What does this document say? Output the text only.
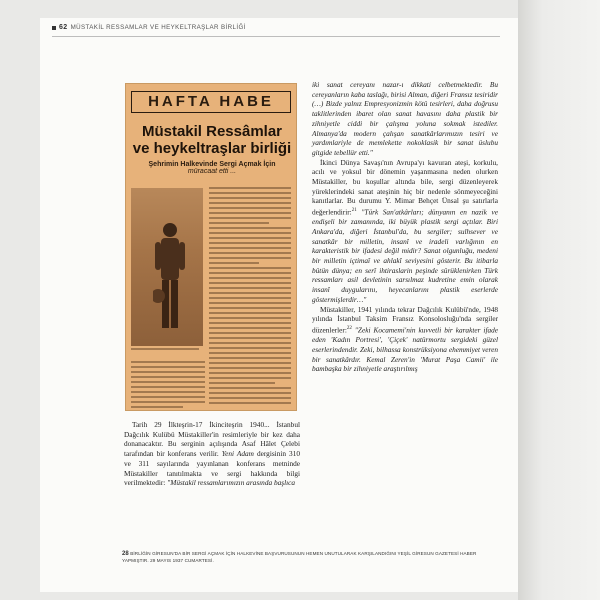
62 MÜSTAKİL RESSAMLAR VE HEYKELTRAŞLAR BİRLİĞİ
HAFTA HABE
Müstakil Ressâmlar
ve heykeltraşlar birliği
Şehrimin Halkevinde Sergi Açmak İçin
müracaat etti ...

Tarih 29 İlkteşrin-17 İkinciteşrin 1940... İstanbul Dağcılık Kulübü Müstakiller'in resimleriyle bir kez daha donanacaktır. Bu serginin açılışında Asaf Hâlet Çelebi tarafından bir konferans verilir. Yeni Adam dergisinin 310 ve 311 sayılarında yayınlanan konferans metninde Müstakiller tanıtılmakta ve sergi hakkında bilgi verilmektedir: "Müstakil ressamlarımızın arasında başlıca

iki sanat cereyanı nazar-ı dikkati celbetmektedir. Bu cereyanların kaba taslağı, birisi Alman, diğeri Fransız tesiridir (…) Bizde yalnız Empresyonizmin kötü tesirleri, daha doğrusu taklitlerinden ibaret olan sanat havasını daha plastik bir zihniyetle ciddi bir çalışma yoluna sokmak istediler. Almanya'da modern çalışan sanatkârlarımızın tesiri ve yardımlariyle de memlekette nokoklasik bir sanat üslubu gitgide tebellür etti."

İkinci Dünya Savaşı'nın Avrupa'yı kavuran ateşi, korkulu, acılı ve yoksul bir dönemin yaşanmasına neden olurken Müstakiller, bu koşullar altında bile, sergi düzenleyerek yüreklerindeki sanat ateşinin hiç bir nedenle sönmeyeceğini kanıtlarlar. Bu durumu Y. Mimar Behçet Ünsal şu satırlarla değerlendirir:$^{21}$ "Türk San'atkârları; dünyanın en nazik ve endişeli bir zamanında, iki büyük plastik sergi açtılar. Biri Ankara'da, diğeri İstanbul'da, bu sergiler; sulhsever ve sanatkâr bir milletin, insanî ve iradeli varlığının en karakteristik bir ifadesi değil midir? Sanat olgunluğu, medeni bir milletin içtimaî ve ahlakî seviyesini gösterir. Bu itibarla bütün dünya; en serî ihtiraslarin peşinde sürüklenirken Türk ressamları asil devletinin sarsılmaz kudretine emin olarak insanî duygularını, heyecanlarını plastik eserlerde göstermişlerdir…"

Müstakiller, 1941 yılında tekrar Dağcılık Kulübü'nde, 1948 yılında İstanbul Taksim Fransız Konsolosluğu'nda sergiler düzenlerler:$^{22}$ "Zeki Kocamemi'nin kuvvetli bir karakter ifade eden 'Kadın Portresi', 'Çiçek' natürmortu sergideki güzel eserlerindendir. Zeki, bilhassa konstrüksiyona ehemmiyet veren bir sanatkârdır. Kemal Zeren'in 'Murat Paşa Camii' ile bambaşka bir zihniyetle araştırılmış

28 BİRLİĞİN GİRESUN'DA BİR SERGİ AÇMAK İÇİN HALKEVİNE BAŞVURUSUNUN HEMEN UNUTULARAK KARŞILANDIĞINI YEŞİL GİRESUN GAZETESİ HABER YAPMIŞTIR. 29 MAYIS 1937 CUMARTESİ.
